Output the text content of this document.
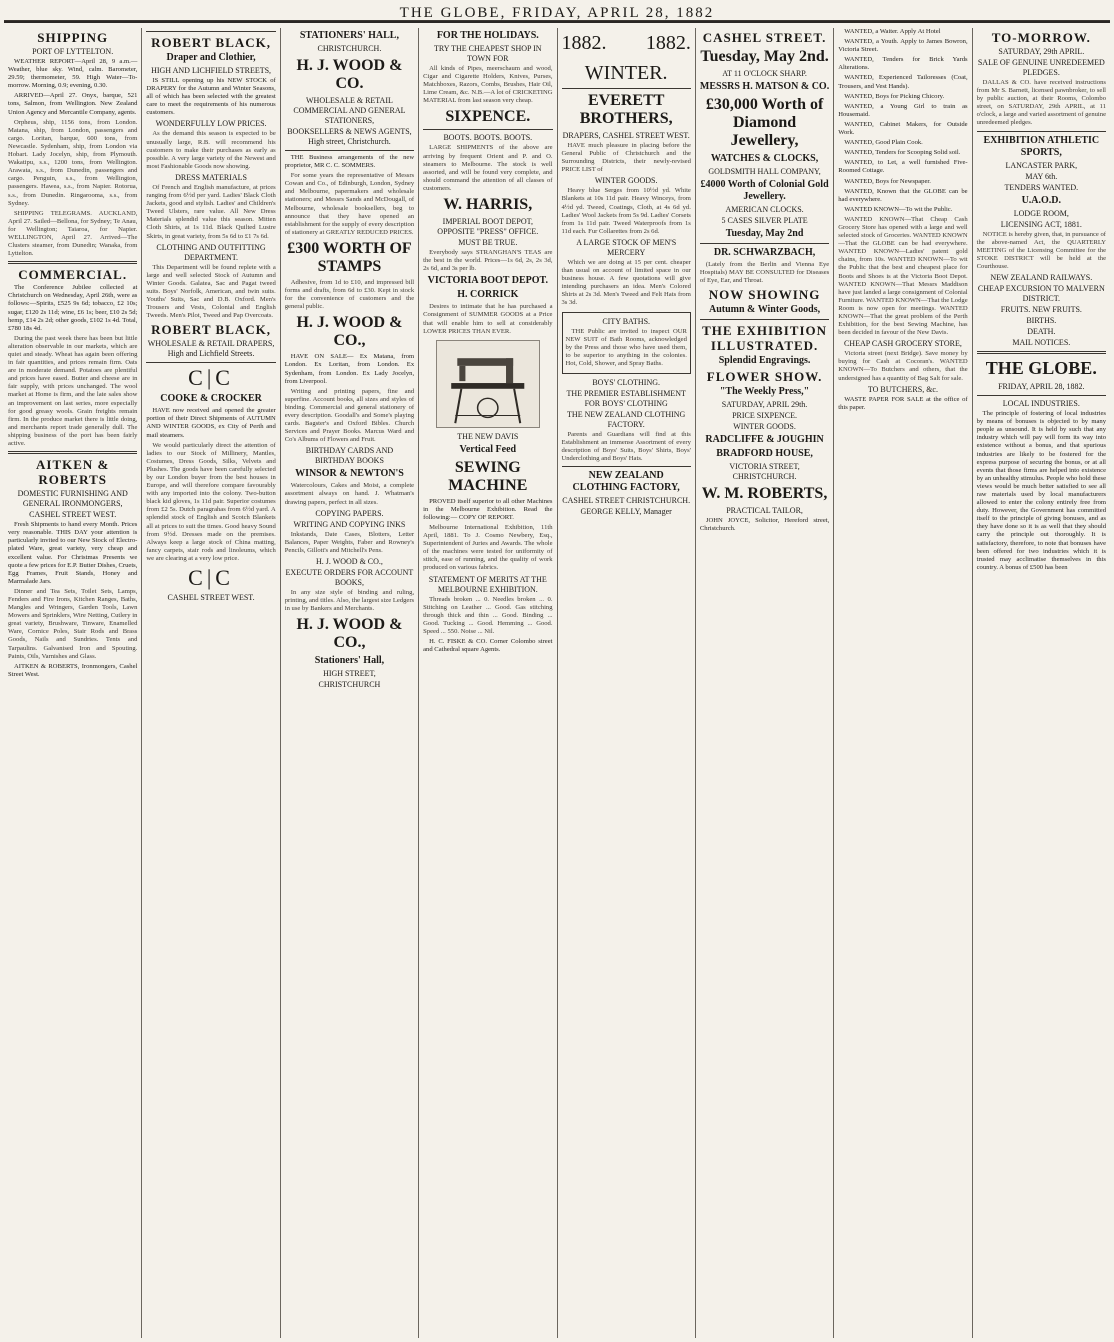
THE GLOBE, FRIDAY, APRIL 28, 1882
SHIPPING
PORT OF LYTTELTON.

WEATHER REPORT—April 28, 9 a.m.—Weather, blue sky. Wind, calm. Barometer, 29.59; thermometer, 59. High Water—To-morrow. Morning, 0.9; evening, 0.30.

ARRIVED—April 27. Onyx, barque, 521 tons, Salmon, from Wellington. New Zealand Union Agency and Mercantile Company, agents.

Orpheus, ship, 1156 tons, from London. Matana, ship, from London, passengers and cargo. Loritan, barque, 600 tons, from Newcastle. Sydenham, ship, from London via Hobart. Lady Jocelyn, ship, from Plymouth. Wakatipu, s.s., 1200 tons, from Wellington. Arawata, s.s., from Dunedin, passengers and cargo. Penguin, s.s., from Wellington, passengers. Hawea, s.s., from Napier. Rotorua, s.s., from Dunedin. Ringarooma, s.s., from Sydney.

SHIPPING TELEGRAMS. AUCKLAND, April 27. Sailed—Bellona, for Sydney; Te Anau, for Wellington; Taiaroa, for Napier. WELLINGTON, April 27. Arrived—The Clusters steamer, from Dunedin; Wanaka, from Lyttelton.

COMMERCIAL.

The Conference Jubilee collected at Christchurch on Wednesday, April 26th, were as follows:—Spirits, £525 9s 6d; tobacco, £2 10s; sugar, £120 2s 11d; wine, £6 1s; beer, £10 2s 5d; hemp, £14 2s 2d; other goods, £102 1s 4d. Total, £780 18s 4d.

During the past week there has been but little alteration observable in our markets, which are quiet and steady. Wheat has again been offering in fair quantities, and prices remain firm. Oats are in moderate demand. Potatoes are plentiful and prices have eased. Butter and cheese are in fair supply, with prices unchanged. The wool market at Home is firm, and the late sales show an improvement on last series, more especially for good greasy wools. Grain freights remain firm. In the produce market there is little doing, and merchants report trade generally dull. The shipping business of the port has been fairly active.

AITKEN & ROBERTS
DOMESTIC FURNISHING AND GENERAL IRONMONGERS,
CASHEL STREET WEST.

Fresh Shipments to hand every Month. Prices very reasonable. THIS DAY your attention is particularly invited to our New Stock of Electro-plated Ware, great variety, very cheap and excellent value. For Christmas Presents we quote a few prices for E.P. Butter Dishes, Cruets, Egg Frames, Fruit Stands, Honey and Marmalade Jars.

Dinner and Tea Sets, Toilet Sets, Lamps, Fenders and Fire Irons, Kitchen Ranges, Baths, Mangles and Wringers, Garden Tools, Lawn Mowers and Sprinklers, Wire Netting, Cutlery in great variety, Brushware, Tinware, Enamelled Ware, Cornice Poles, Stair Rods and Brass Goods, Nails and Sundries. Tents and Tarpaulins. Galvanised Iron and Spouting. Paints, Oils, Varnishes and Glass.

AITKEN & ROBERTS, Ironmongers, Cashel Street West.

ROBERT BLACK,
Draper and Clothier,
HIGH AND LICHFIELD STREETS,

IS STILL opening up his NEW STOCK of DRAPERY for the Autumn and Winter Seasons, all of which has been selected with the greatest care to meet the requirements of his numerous customers.

WONDERFULLY LOW PRICES.

As the demand this season is expected to be unusually large, R.B. will recommend his customers to make their purchases as early as possible. A very large variety of the Newest and most Fashionable Goods now showing.

DRESS MATERIALS

Of French and English manufacture, at prices ranging from 6½d per yard. Ladies' Black Cloth Jackets, good and stylish. Ladies' and Children's Tweed Ulsters, rare value. All New Dress Materials splendid value this season. Mitten Cloth Shirts, at 1s 11d. Black Quilted Lustre Skirts, in great variety, from 5s 6d to £1 7s 6d.

CLOTHING AND OUTFITTING DEPARTMENT.

This Department will be found replete with a large and well selected Stock of Autumn and Winter Goods. Galatea, Sac and Pagat tweed suits. Boys' Norfolk, American, and twin suits. Youths' Suits, Sac and D.B. Oxford. Men's Trousers and Vests, Colonial and English Tweeds. Men's Pilot, Tweed and Pap Overcoats.

ROBERT BLACK,
WHOLESALE & RETAIL DRAPERS, High and Lichfield Streets.
C|C
COOKE & CROCKER

HAVE now received and opened the greater portion of their Direct Shipments of AUTUMN AND WINTER GOODS, ex City of Perth and mail steamers.

We would particularly direct the attention of ladies to our Stock of Millinery, Mantles, Costumes, Dress Goods, Silks, Velvets and Plushes. The goods have been carefully selected by our London buyer from the best houses in Europe, and will therefore compare favourably with any imported into the colony. Two-button black kid gloves, 1s 11d pair. Superior costumes from £2 5s. Dutch paragrahas from 6½d yard. A splendid stock of English and Scotch Blankets all at prices to suit the times. Good heavy Sound from 9½d. Dresses made on the premises. Always keep a large stock of China matting, fancy carpets, stair rods and linoleums, which we are clearing at a very low price.

C|C
CASHEL STREET WEST.
STATIONERS' HALL,
CHRISTCHURCH.
H. J. WOOD & CO.
WHOLESALE & RETAIL COMMERCIAL AND GENERAL STATIONERS,
BOOKSELLERS & NEWS AGENTS, High street, Christchurch.

THE Business arrangements of the new proprietor, MR C. C. SOMMERS.

For some years the representative of Messrs Cowan and Co., of Edinburgh, London, Sydney and Melbourne, papermakers and wholesale stationers; and Messrs Sands and McDougall, of Melbourne, wholesale booksellers, beg to announce that they have opened an establishment for the supply of every description of stationery at GREATLY REDUCED PRICES.

£300 WORTH OF STAMPS

Adhesive, from 1d to £10, and impressed bill forms and drafts, from 6d to £30. Kept in stock for the convenience of customers and the general public.

H. J. WOOD & CO.,

HAVE ON SALE— Ex Matana, from London. Ex Loritan, from London. Ex Sydenham, from London. Ex Lady Jocelyn, from Liverpool.

Writing and printing papers, fine and superfine. Account books, all sizes and styles of binding. Commercial and general stationery of every description. Goodall's and Some's playing cards. Bagster's and Oxford Bibles. Church Services and Prayer Books. Marcus Ward and Co's Albums of Flowers and Fruit.

BIRTHDAY CARDS AND BIRTHDAY BOOKS
WINSOR & NEWTON'S

Watercolours, Cakes and Moist, a complete assortment always on hand. J. Whatman's drawing papers, perfect in all sizes.

COPYING PAPERS.
WRITING AND COPYING INKS

Inkstands, Date Cases, Blotters, Letter Balances, Paper Weights, Faber and Rowney's Pencils, Gillott's and Mitchell's Pens.

H. J. WOOD & CO.,
EXECUTE ORDERS FOR ACCOUNT BOOKS,

In any size style of binding and ruling, printing, and titles. Also, the largest size Ledgers in use by Bankers and Merchants.

H. J. WOOD & CO.,
Stationers' Hall,
HIGH STREET,
CHRISTCHURCH
FOR THE HOLIDAYS.
TRY THE CHEAPEST SHOP IN TOWN FOR

All kinds of Pipes, meerschaum and wood, Cigar and Cigarette Holders, Knives, Purses, Matchboxes, Razors, Combs, Brushes, Hair Oil, Lime Cream, &c. N.B.—A lot of CRICKETING MATERIAL from last season very cheap.

SIXPENCE.
BOOTS. BOOTS. BOOTS.

LARGE SHIPMENTS of the above are arriving by frequent Orient and P. and O. steamers to Melbourne. The stock is well assorted, and will be found very complete, and should command the attention of all classes of customers.

W. HARRIS,
IMPERIAL BOOT DEPOT, OPPOSITE "PRESS" OFFICE.
MUST BE TRUE.

Everybody says STRANGHAN'S TEAS are the best in the world. Prices—1s 6d, 2s, 2s 3d, 2s 6d, and 3s per lb.

VICTORIA BOOT DEPOT.
H. CORRICK

Desires to intimate that he has purchased a Consignment of SUMMER GOODS at a Price that will enable him to sell at considerably LOWER PRICES THAN EVER.

THE NEW DAVIS
Vertical Feed
SEWING MACHINE

PROVED itself superior to all other Machines in the Melbourne Exhibition. Read the following:— COPY OF REPORT.

Melbourne International Exhibition, 11th April, 1881. To J. Cosmo Newbery, Esq., Superintendent of Juries and Awards. The whole of the machines were tested for uniformity of stitch, ease of running, and the quality of work produced on various fabrics.

STATEMENT OF MERITS AT THE MELBOURNE EXHIBITION.

Threads broken ... 0. Needles broken ... 0. Stitching on Leather ... Good. Gas stitching through thick and thin ... Good. Binding ... Good. Tucking ... Good. Hemming ... Good. Speed ... 550. Noise ... Nil.

H. C. FISKE & CO. Corner Colombo street and Cathedral square Agents.

1882. 1882.
WINTER.
EVERETT BROTHERS,
DRAPERS, CASHEL STREET WEST.

HAVE much pleasure in placing before the General Public of Christchurch and the Surrounding Districts, their newly-revised PRICE LIST of

WINTER GOODS.

Heavy blue Serges from 10½d yd. White Blankets at 10s 11d pair. Heavy Winceys, from 4½d yd. Tweed, Coatings, Cloth, at 4s 6d yd. Ladies' Wool Jackets from 5s 9d. Ladies' Corsets from 1s 11d pair. Tweed Waterproofs from 1s 11d each. Fur Collarettes from 2s 6d.

A LARGE STOCK OF MEN'S MERCERY

Which we are doing at 15 per cent. cheaper than usual on account of limited space in our business house. A few quotations will give intending purchasers an idea. Men's Colored Shirts at 2s 3d. Men's Tweed and Felt Hats from 3s 3d.

CITY BATHS.

THE Public are invited to inspect OUR NEW SUIT of Bath Rooms, acknowledged by the Press and those who have used them, to be superior to anything in the colonies. Hot, Cold, Shower, and Spray Baths.

BOYS' CLOTHING.
THE PREMIER ESTABLISHMENT FOR BOYS' CLOTHING
THE NEW ZEALAND CLOTHING FACTORY.

Parents and Guardians will find at this Establishment an immense Assortment of every description of Boys' Suits, Boys' Shirts, Boys' Underclothing and Boys' Hats.

NEW ZEALAND CLOTHING FACTORY,
CASHEL STREET CHRISTCHURCH.
GEORGE KELLY, Manager
CASHEL STREET.
Tuesday, May 2nd.
AT 11 O'CLOCK SHARP.
MESSRS H. MATSON & CO.
£30,000 Worth of Diamond Jewellery,
WATCHES & CLOCKS,
GOLDSMITH HALL COMPANY,
£4000 Worth of Colonial Gold Jewellery.
AMERICAN CLOCKS.
5 CASES SILVER PLATE
Tuesday, May 2nd
DR. SCHWARZBACH,

(Lately from the Berlin and Vienna Eye Hospitals) MAY BE CONSULTED for Diseases of Eye, Ear, and Throat.

NOW SHOWING
Autumn & Winter Goods,
THE EXHIBITION ILLUSTRATED.
Splendid Engravings.
FLOWER SHOW.
"The Weekly Press,"
SATURDAY, APRIL 29th.
PRICE SIXPENCE.
WINTER GOODS.
RADCLIFFE & JOUGHIN
BRADFORD HOUSE,
VICTORIA STREET, CHRISTCHURCH.
W. M. ROBERTS,
PRACTICAL TAILOR,

JOHN JOYCE, Solicitor, Hereford street, Christchurch.

WANTED, a Waiter. Apply At Hotel

WANTED, a Youth. Apply to James Bowron, Victoria Street.

WANTED, Tenders for Brick Yards Alterations.

WANTED, Experienced Tailoresses (Coat, Trousers, and Vest Hands).

WANTED, Boys for Picking Chicory.

WANTED, a Young Girl to train as Housemaid.

WANTED, Cabinet Makers, for Outside Work.

WANTED, Good Plain Cook.

WANTED, Tenders for Scooping Solid soil.

WANTED, to Let, a well furnished Five-Roomed Cottage.

WANTED, Boys for Newspaper.

WANTED, Known that the GLOBE can be had everywhere.

WANTED KNOWN—To wit the Public.

WANTED KNOWN—That Cheap Cash Grocery Store has opened with a large and well selected stock of Groceries. WANTED KNOWN—That the GLOBE can be had everywhere. WANTED KNOWN—Ladies' patent gold chains, from 10s. WANTED KNOWN—To wit the Public that the best and cheapest place for Boots and Shoes is at the Victoria Boot Depot. WANTED KNOWN—That Messrs Maddison have just landed a large consignment of Colonial Furniture. WANTED KNOWN—That the Lodge Room is now open for meetings. WANTED KNOWN—That the great problem of the Perth Exhibition, for the best Sewing Machine, has been decided in favour of the New Davis.

CHEAP CASH GROCERY STORE,

Victoria street (next Bridge). Save money by buying for Cash at Cocoran's. WANTED KNOWN—To Butchers and others, that the undersigned has a quantity of Bag Salt for sale.

TO BUTCHERS, &c.

WASTE PAPER FOR SALE at the office of this paper.

TO-MORROW.
SATURDAY, 29th APRIL.
SALE OF GENUINE UNREDEEMED PLEDGES.

DALLAS & CO. have received instructions from Mr S. Barnett, licensed pawnbroker, to sell by public auction, at their Rooms, Colombo street, on SATURDAY, 29th APRIL, at 11 o'clock, a large and varied assortment of genuine unredeemed pledges.

EXHIBITION ATHLETIC SPORTS,
LANCASTER PARK,
MAY 6th.
TENDERS WANTED.
U.A.O.D.
LODGE ROOM,
LICENSING ACT, 1881.

NOTICE is hereby given, that, in pursuance of the above-named Act, the QUARTERLY MEETING of the Licensing Committee for the STOKE DISTRICT will be held at the Courthouse.

NEW ZEALAND RAILWAYS.
CHEAP EXCURSION TO MALVERN DISTRICT.
FRUITS. NEW FRUITS.
BIRTHS.
DEATH.
MAIL NOTICES.
THE GLOBE.
FRIDAY, APRIL 28, 1882.
LOCAL INDUSTRIES.

The principle of fostering of local industries by means of bonuses is objected to by many people as unsound. It is held by such that any industry which will pay will form its way into existence without a bonus, and that spurious industries are likely to be fostered for the express purpose of securing the bonus, or at all events that those firms are helped into existence by an unhealthy stimulus. People who hold these views would be much better satisfied to see all raw materials used by local manufacturers allowed to enter the colony entirely free from duty. However, the Government has committed itself to the principle of giving bonuses, and as they have done so it is as well that they should carry the principle out thoroughly. It is satisfactory, therefore, to note that bonuses have been offered for two industries which it is trusted may acclimatise themselves in this country. A bonus of £500 has been
